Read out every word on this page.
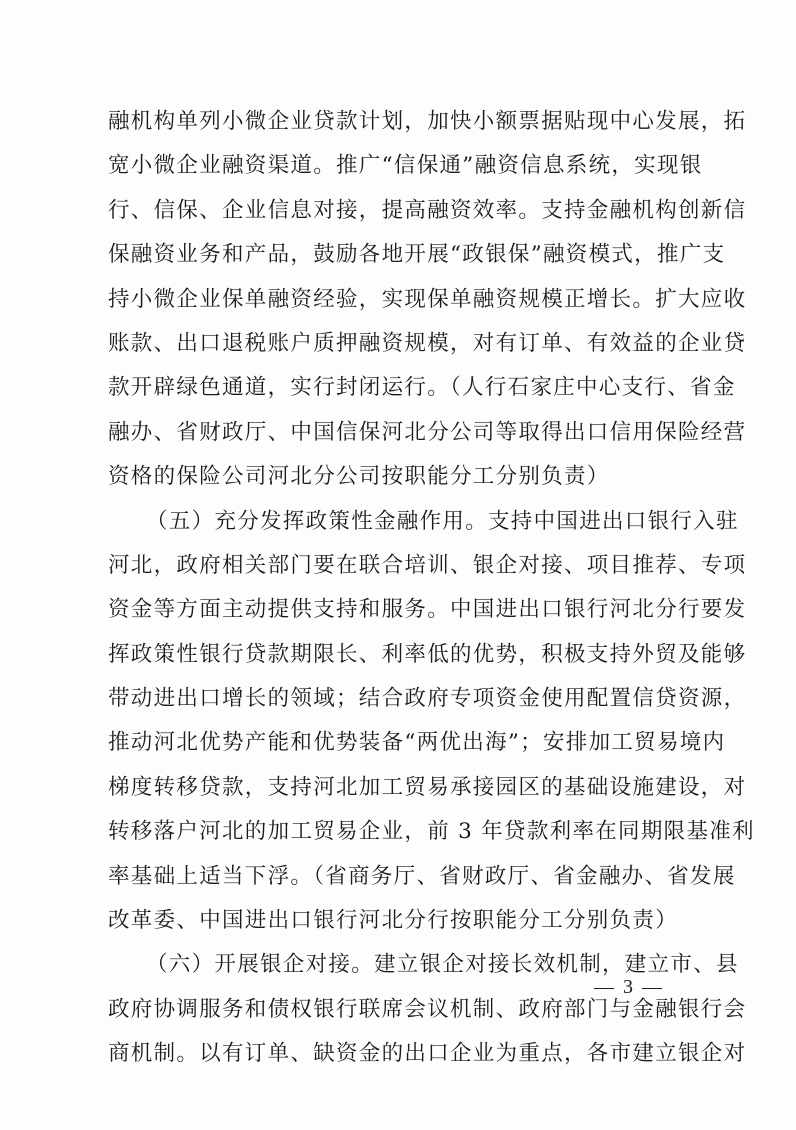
融机构单列小微企业贷款计划，加快小额票据贴现中心发展，拓
宽小微企业融资渠道。推广“信保通”融资信息系统，实现银
行、信保、企业信息对接，提高融资效率。支持金融机构创新信
保融资业务和产品，鼓励各地开展“政银保”融资模式，推广支
持小微企业保单融资经验，实现保单融资规模正增长。扩大应收
账款、出口退税账户质押融资规模，对有订单、有效益的企业贷
款开辟绿色通道，实行封闭运行。（人行石家庄中心支行、省金
融办、省财政厅、中国信保河北分公司等取得出口信用保险经营
资格的保险公司河北分公司按职能分工分别负责）
（五）充分发挥政策性金融作用。支持中国进出口银行入驻
河北，政府相关部门要在联合培训、银企对接、项目推荐、专项
资金等方面主动提供支持和服务。中国进出口银行河北分行要发
挥政策性银行贷款期限长、利率低的优势，积极支持外贸及能够
带动进出口增长的领域；结合政府专项资金使用配置信贷资源，
推动河北优势产能和优势装备“两优出海”；安排加工贸易境内
梯度转移贷款，支持河北加工贸易承接园区的基础设施建设，对
转移落户河北的加工贸易企业，前 3 年贷款利率在同期限基准利
率基础上适当下浮。（省商务厅、省财政厅、省金融办、省发展
改革委、中国进出口银行河北分行按职能分工分别负责）
（六）开展银企对接。建立银企对接长效机制，建立市、县
政府协调服务和债权银行联席会议机制、政府部门与金融银行会
商机制。以有订单、缺资金的出口企业为重点，各市建立银企对
— 3 —
